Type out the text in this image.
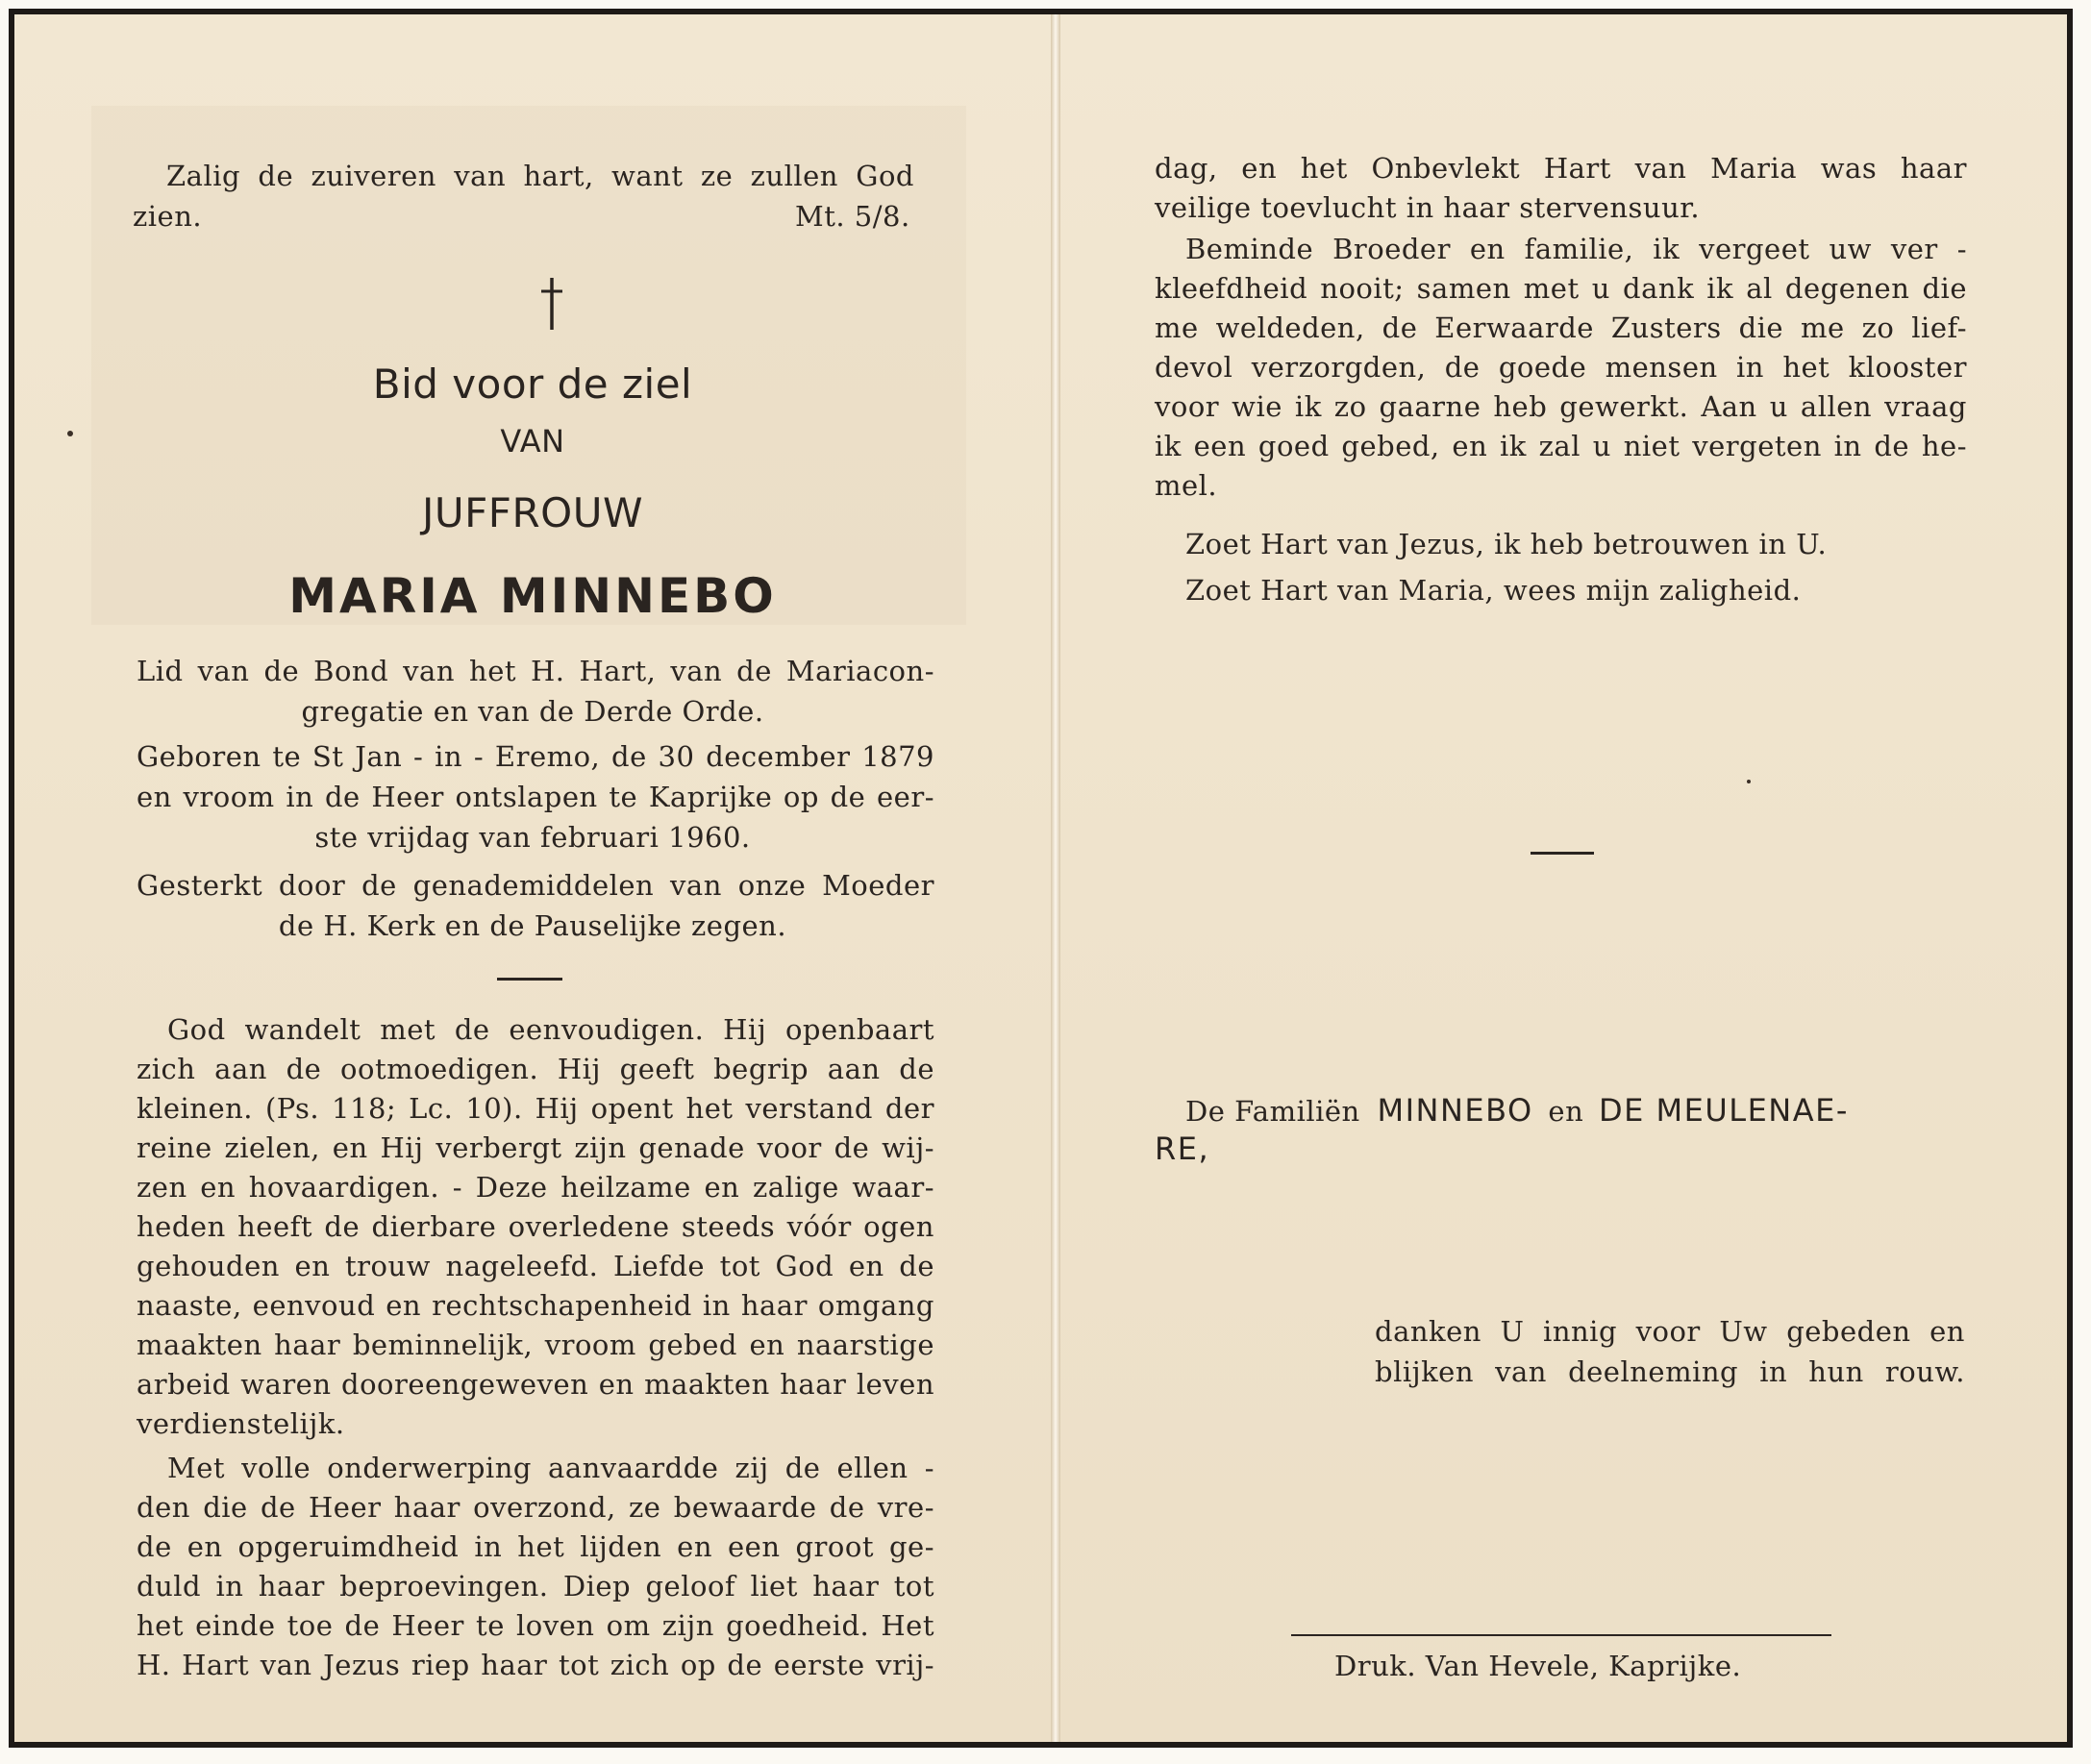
Zalig de zuiveren van hart, want ze zullen God
zien.	Mt. 5/8.
Bid voor de ziel
VAN
JUFFROUW
MARIA MINNEBO
Lid van de Bond van het H. Hart, van de Mariacon-
gregatie en van de Derde Orde.
Geboren te St Jan - in - Eremo, de 30 december 1879
en vroom in de Heer ontslapen te Kaprijke op de eer-
ste vrijdag van februari 1960.
Gesterkt door de genademiddelen van onze Moeder
de H. Kerk en de Pauselijke zegen.
God wandelt met de eenvoudigen. Hij openbaart
zich aan de ootmoedigen. Hij geeft begrip aan de
kleinen. (Ps. 118; Lc. 10). Hij opent het verstand der
reine zielen, en Hij verbergt zijn genade voor de wij-
zen en hovaardigen. - Deze heilzame en zalige waar-
heden heeft de dierbare overledene steeds vóór ogen
gehouden en trouw nageleefd. Liefde tot God en de
naaste, eenvoud en rechtschapenheid in haar omgang
maakten haar beminnelijk, vroom gebed en naarstige
arbeid waren dooreengeweven en maakten haar leven
verdienstelijk.
Met volle onderwerping aanvaardde zij de ellen -
den die de Heer haar overzond, ze bewaarde de vre-
de en opgeruimdheid in het lijden en een groot ge-
duld in haar beproevingen. Diep geloof liet haar tot
het einde toe de Heer te loven om zijn goedheid. Het
H. Hart van Jezus riep haar tot zich op de eerste vrij-
dag, en het Onbevlekt Hart van Maria was haar
veilige toevlucht in haar stervensuur.
Beminde Broeder en familie, ik vergeet uw ver -
kleefdheid nooit; samen met u dank ik al degenen die
me weldeden, de Eerwaarde Zusters die me zo lief-
devol verzorgden, de goede mensen in het klooster
voor wie ik zo gaarne heb gewerkt. Aan u allen vraag
ik een goed gebed, en ik zal u niet vergeten in de he-
mel.
Zoet Hart van Jezus, ik heb betrouwen in U.
Zoet Hart van Maria, wees mijn zaligheid.
De Familiën MINNEBO en DE MEULENAE-
RE,
danken U innig voor Uw gebeden en
blijken van deelneming in hun rouw.
Druk. Van Hevele, Kaprijke.
